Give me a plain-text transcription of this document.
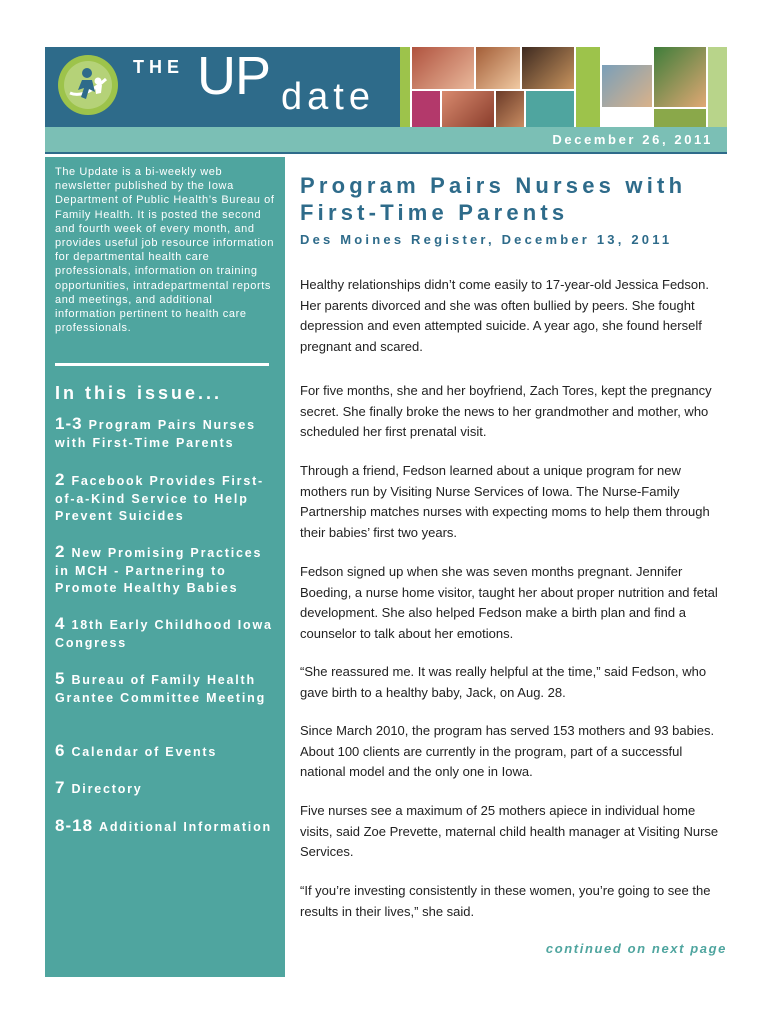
THE UP date
December 26, 2011

The Update is a bi-weekly web newsletter published by the Iowa Department of Public Health’s Bureau of Family Health. It is posted the second and fourth week of every month, and provides useful job resource information for departmental health care professionals, information on training opportunities, intradepartmental reports and meetings, and additional information pertinent to health care professionals.

In this issue...
1-3 Program Pairs Nurses with First-Time Parents
2 Facebook Provides First-of-a-Kind Service to Help Prevent Suicides
2 New Promising Practices in MCH - Partnering to Promote Healthy Babies
4 18th Early Childhood Iowa Congress
5 Bureau of Family Health Grantee Committee Meeting
6 Calendar of Events
7 Directory
8-18 Additional Information
Program Pairs Nurses with First-Time Parents

Des Moines Register, December 13, 2011

Healthy relationships didn’t come easily to 17-year-old Jessica Fedson. Her parents divorced and she was often bullied by peers. She fought depression and even attempted suicide. A year ago, she found herself pregnant and scared.

For five months, she and her boyfriend, Zach Tores, kept the pregnancy secret. She finally broke the news to her grandmother and mother, who scheduled her first prenatal visit.

Through a friend, Fedson learned about a unique program for new mothers run by Visiting Nurse Services of Iowa. The Nurse-Family Partnership matches nurses with expecting moms to help them through their babies’ first two years.

Fedson signed up when she was seven months pregnant. Jennifer Boeding, a nurse home visitor, taught her about proper nutrition and fetal development. She also helped Fedson make a birth plan and find a counselor to talk about her emotions.

“She reassured me. It was really helpful at the time,” said Fedson, who gave birth to a healthy baby, Jack, on Aug. 28.

Since March 2010, the program has served 153 mothers and 93 babies. About 100 clients are currently in the program, part of a successful national model and the only one in Iowa.

Five nurses see a maximum of 25 mothers apiece in individual home visits, said Zoe Prevette, maternal child health manager at Visiting Nurse Services.

“If you’re investing consistently in these women, you’re going to see the results in their lives,” she said.

continued on next page
